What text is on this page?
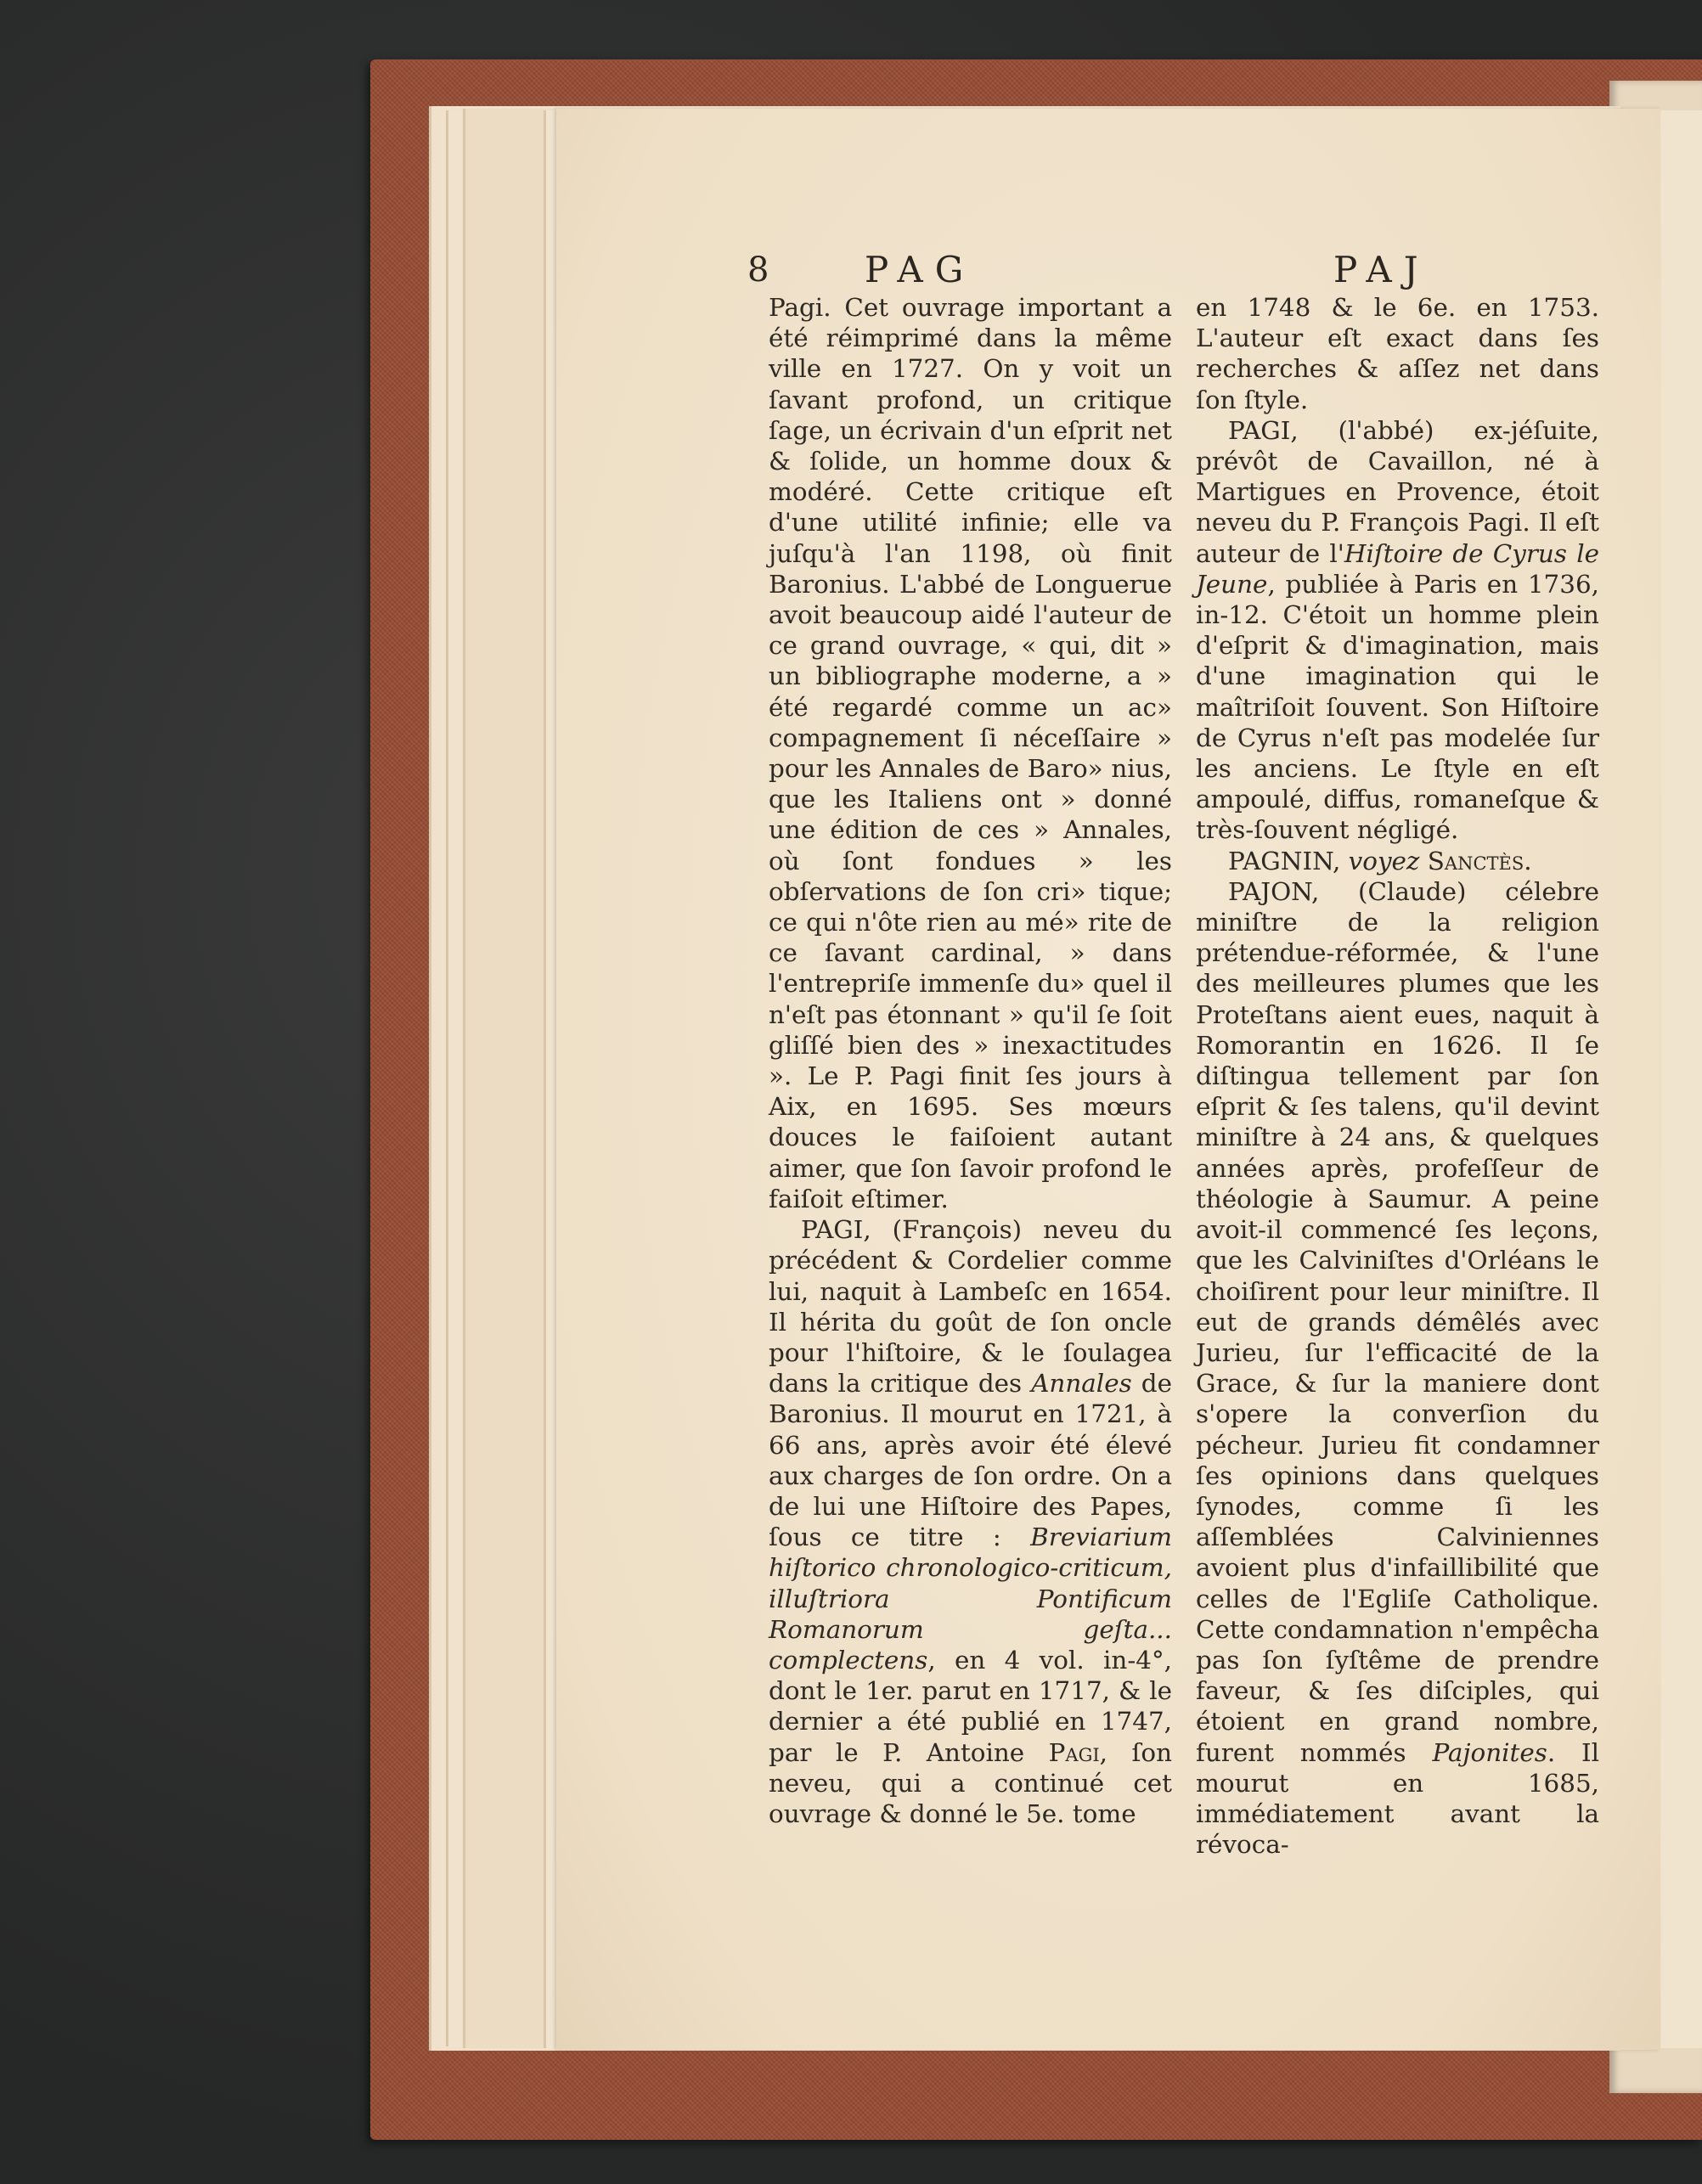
8	PAG	PAJ

Pagi. Cet ouvrage important a été réimprimé dans la même ville en 1727. On y voit un ſavant profond, un critique ſage, un écrivain d'un eſprit net & ſolide, un homme doux & modéré. Cette critique eſt d'une utilité infinie; elle va juſqu'à l'an 1198, où finit Baronius. L'abbé de Longuerue avoit beaucoup aidé l'auteur de ce grand ouvrage, « qui, dit » un bibliographe moderne, a » été regardé comme un ac» compagnement ſi néceſſaire » pour les Annales de Baro» nius, que les Italiens ont » donné une édition de ces » Annales, où ſont fondues » les obſervations de ſon cri» tique; ce qui n'ôte rien au mé» rite de ce ſavant cardinal, » dans l'entrepriſe immenſe du» quel il n'eſt pas étonnant » qu'il ſe ſoit gliſſé bien des » inexactitudes ». Le P. Pagi finit ſes jours à Aix, en 1695. Ses mœurs douces le faiſoient autant aimer, que ſon ſavoir profond le faiſoit eſtimer.

PAGI, (François) neveu du précédent & Cordelier comme lui, naquit à Lambeſc en 1654. Il hérita du goût de ſon oncle pour l'hiſtoire, & le ſoulagea dans la critique des Annales de Baronius. Il mourut en 1721, à 66 ans, après avoir été élevé aux charges de ſon ordre. On a de lui une Hiſtoire des Papes, ſous ce titre : Breviarium hiſtorico chronologico-criticum, illuſtriora Pontificum Romanorum geſta... complectens, en 4 vol. in-4°, dont le 1er. parut en 1717, & le dernier a été publié en 1747, par le P. Antoine Pagi, ſon neveu, qui a continué cet ouvrage & donné le 5e. tome

en 1748 & le 6e. en 1753. L'auteur eſt exact dans ſes recherches & aſſez net dans ſon ſtyle.

PAGI, (l'abbé) ex-jéſuite, prévôt de Cavaillon, né à Martigues en Provence, étoit neveu du P. François Pagi. Il eſt auteur de l'Hiſtoire de Cyrus le Jeune, publiée à Paris en 1736, in-12. C'étoit un homme plein d'eſprit & d'imagination, mais d'une imagination qui le maîtriſoit ſouvent. Son Hiſtoire de Cyrus n'eſt pas modelée ſur les anciens. Le ſtyle en eſt ampoulé, diffus, romaneſque & très-ſouvent négligé.

PAGNIN, voyez Sanctès.

PAJON, (Claude) célebre miniſtre de la religion prétendue-réformée, & l'une des meilleures plumes que les Proteſtans aient eues, naquit à Romorantin en 1626. Il ſe diſtingua tellement par ſon eſprit & ſes talens, qu'il devint miniſtre à 24 ans, & quelques années après, profeſſeur de théologie à Saumur. A peine avoit-il commencé ſes leçons, que les Calviniſtes d'Orléans le choiſirent pour leur miniſtre. Il eut de grands démêlés avec Jurieu, ſur l'efficacité de la Grace, & ſur la maniere dont s'opere la converſion du pécheur. Jurieu fit condamner ſes opinions dans quelques ſynodes, comme ſi les aſſemblées Calviniennes avoient plus d'infaillibilité que celles de l'Egliſe Catholique. Cette condamnation n'empêcha pas ſon ſyſtême de prendre faveur, & ſes diſciples, qui étoient en grand nombre, furent nommés Pajonites. Il mourut en 1685, immédiatement avant la révoca-
